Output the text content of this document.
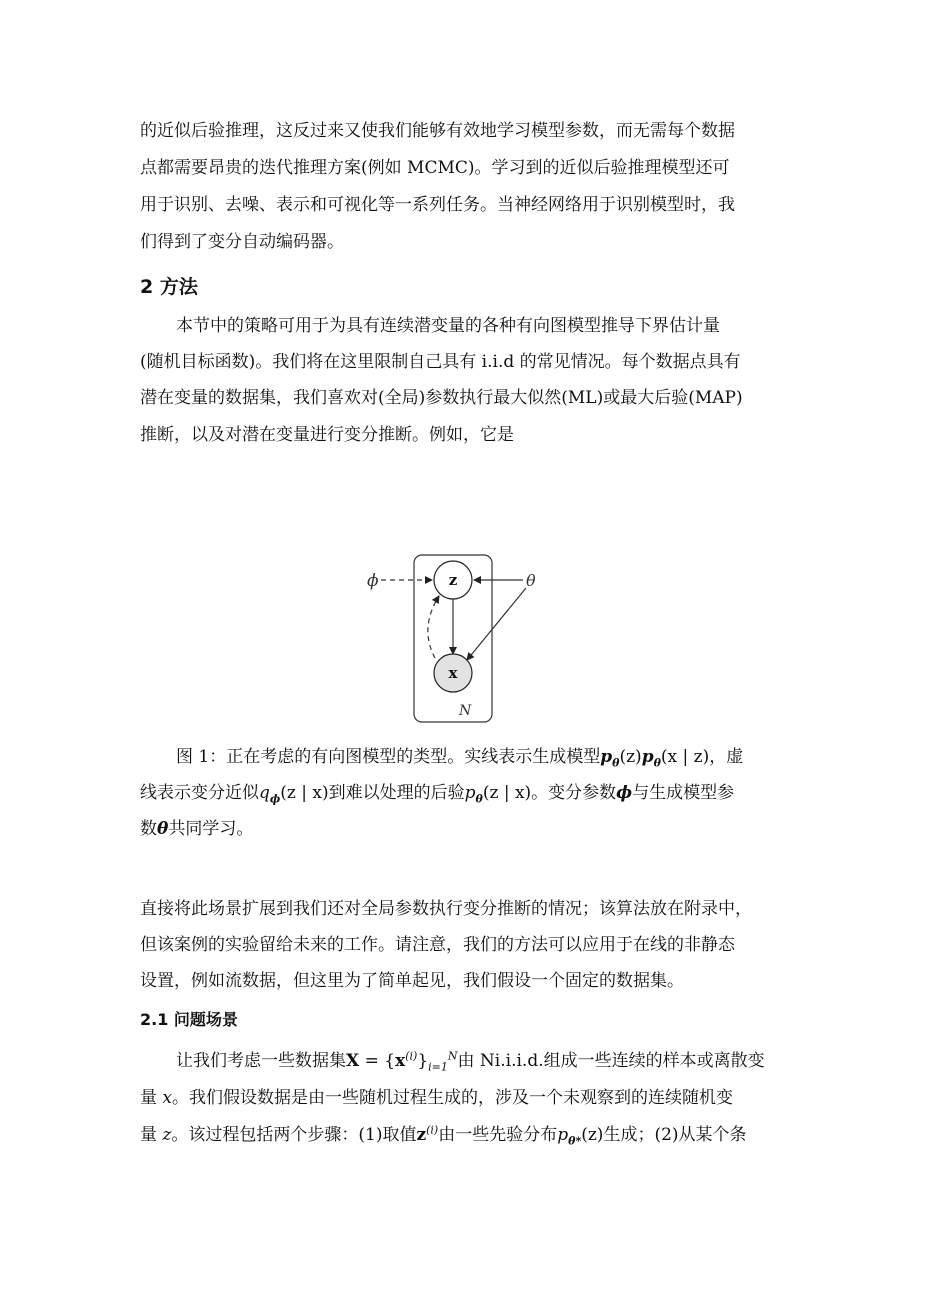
的近似后验推理，这反过来又使我们能够有效地学习模型参数，而无需每个数据
点都需要昂贵的迭代推理方案(例如 MCMC)。学习到的近似后验推理模型还可
用于识别、去噪、表示和可视化等一系列任务。当神经网络用于识别模型时，我
们得到了变分自动编码器。
2 方法
本节中的策略可用于为具有连续潜变量的各种有向图模型推导下界估计量
(随机目标函数)。我们将在这里限制自己具有 i.i.d 的常见情况。每个数据点具有
潜在变量的数据集，我们喜欢对(全局)参数执行最大似然(ML)或最大后验(MAP)
推断，以及对潜在变量进行变分推断。例如，它是
ϕ	θ
z
x
N
图 1：正在考虑的有向图模型的类型。实线表示生成模型$p_\theta(z)p_\theta(x$ | z)，虚
线表示变分近似$q_\phi(z$ | x)到难以处理的后验$p_\theta(z$ | x)。变分参数ϕ与生成模型参
数θ共同学习。
直接将此场景扩展到我们还对全局参数执行变分推断的情况；该算法放在附录中，
但该案例的实验留给未来的工作。请注意，我们的方法可以应用于在线的非静态
设置，例如流数据，但这里为了简单起见，我们假设一个固定的数据集。
2.1 问题场景
让我们考虑一些数据集$X = \{x^{(i)}\}_{i=1}^N$由 Ni.i.i.d.组成一些连续的样本或离散变
量 x。我们假设数据是由一些随机过程生成的，涉及一个未观察到的连续随机变
量 z。该过程包括两个步骤：(1)取值$z^{(i)}$由一些先验分布$p_{\theta*}(z)$生成；(2)从某个条
